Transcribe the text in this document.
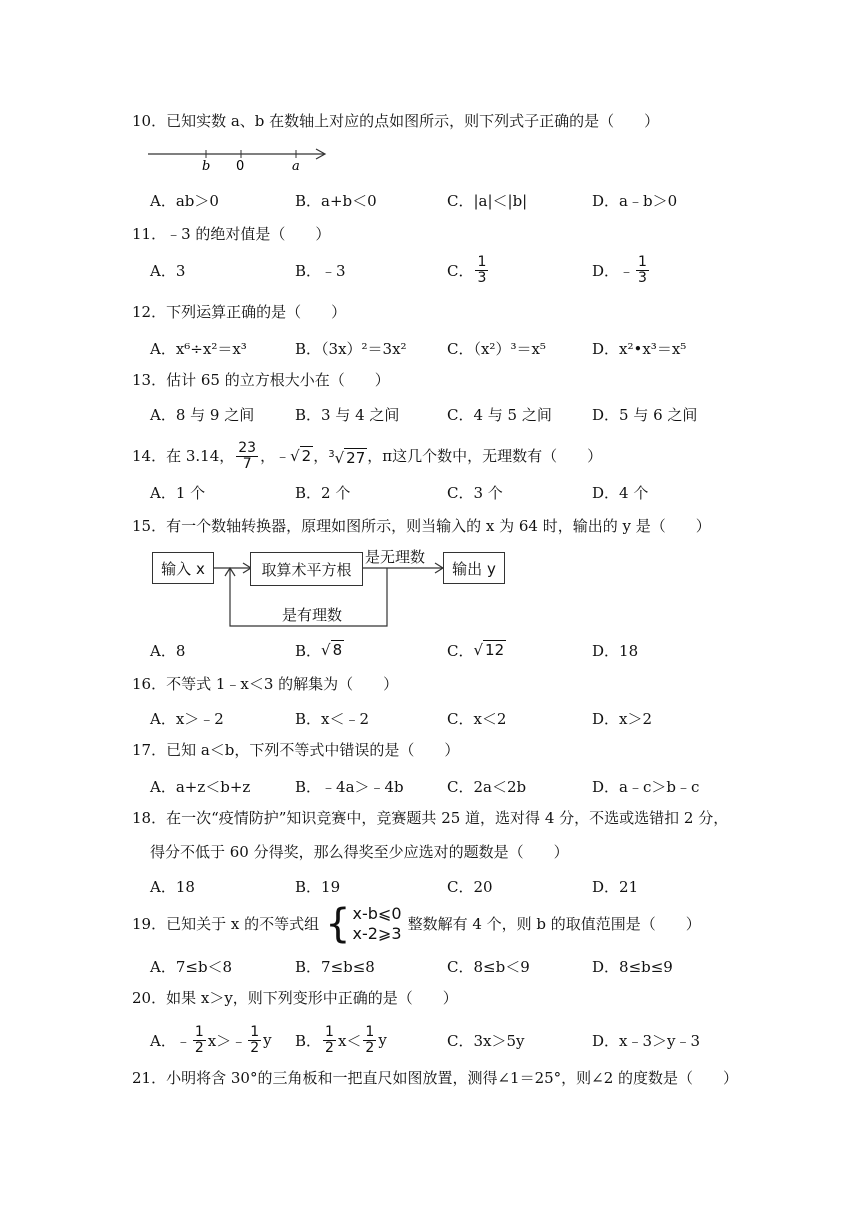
10．已知实数 a、b 在数轴上对应的点如图所示，则下列式子正确的是（　　）
b 0	a
A．ab＞0	B．a+b＜0	C．|a|＜|b|	D．a﹣b＞0
11．﹣3 的绝对值是（　　）
A．3	B．﹣3	C． $\frac{1}{3}$	D． ﹣ $\frac{1}{3}$
12．下列运算正确的是（　　）
A．x⁶÷x²＝x³	B．（3x）²＝3x²	C．（x²）³＝x⁵	D．x²•x³＝x⁵
13．估计 65 的立方根大小在（　　）
A．8 与 9 之间	B．3 与 4 之间	C．4 与 5 之间	D．5 与 6 之间
14． 在 3.14， $\frac{23}{7}$ ，﹣ √ 2 ， $^3$√ 27 ，π这几个数中，无理数有（　　）
A．1 个	B．2 个	C．3 个	D．4 个
15．有一个数轴转换器，原理如图所示，则当输入的 x 为 64 时，输出的 y 是（　　）
输入 x	取算术平方根	输出 y
是无理数
是有理数
A．8	B． √ 8	C． √ 12	D．18
16．不等式 1﹣x＜3 的解集为（　　）
A．x＞﹣2	B．x＜﹣2	C．x＜2	D．x＞2
17．已知 a＜b，下列不等式中错误的是（　　）
A．a+z＜b+z	B．﹣4a＞﹣4b	C．2a＜2b	D．a﹣c＞b﹣c
18．在一次“疫情防护”知识竞赛中，竞赛题共 25 道，选对得 4 分，不选或选错扣 2 分，
得分不低于 60 分得奖，那么得奖至少应选对的题数是（　　）
A．18	B．19	C．20	D．21
19． 已知关于 x 的不等式组 { x-b⩽0
x-2⩾3 整数解有 4 个，则 b 的取值范围是（　　）
A．7≤b＜8	B．7≤b≤8	C．8≤b＜9	D．8≤b≤9
20．如果 x＞y，则下列变形中正确的是（　　）
A． ﹣ $\frac{1}{2}$ x＞﹣ $\frac{1}{2}$ y B． $\frac{1}{2} x< \frac{1}{2}$ y	C．3x＞5y	D．x﹣3＞y﹣3
21．小明将含 30°的三角板和一把直尺如图放置，测得∠1＝25°，则∠2 的度数是（　　）
